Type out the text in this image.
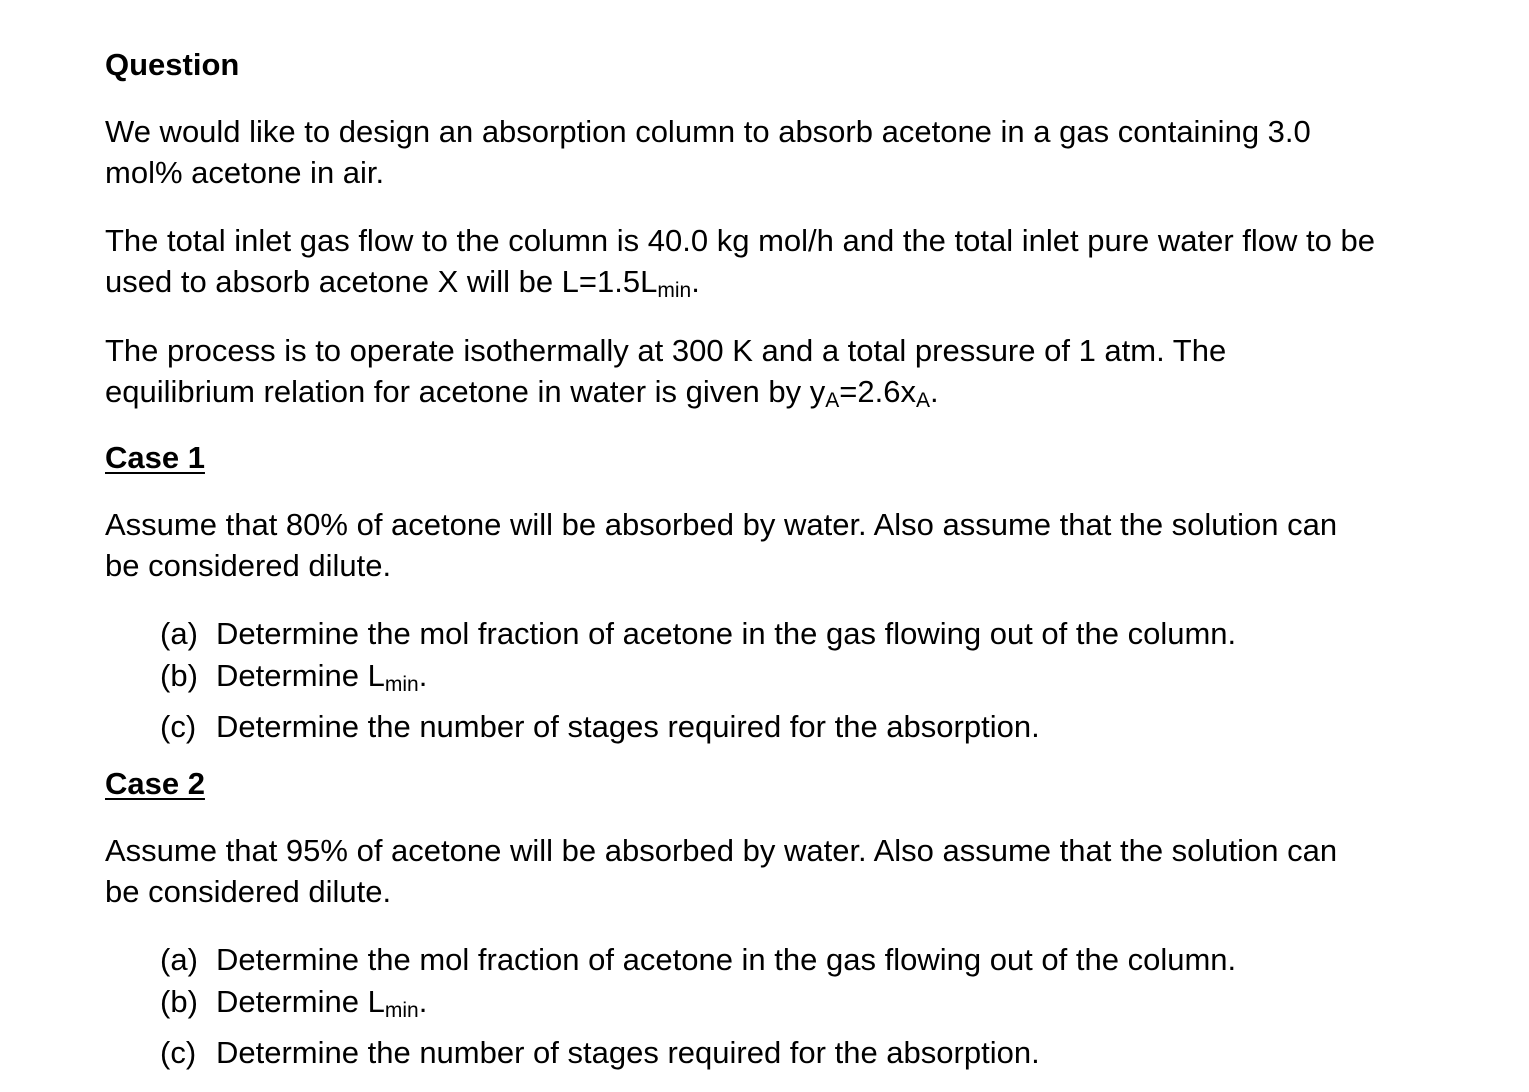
Question
We would like to design an absorption column to absorb acetone in a gas containing 3.0
mol% acetone in air.
The total inlet gas flow to the column is 40.0 kg mol/h and the total inlet pure water flow to be
used to absorb acetone X will be L=1.5Lmin.
The process is to operate isothermally at 300 K and a total pressure of 1 atm. The
equilibrium relation for acetone in water is given by yA=2.6xA.
Case 1
Assume that 80% of acetone will be absorbed by water. Also assume that the solution can
be considered dilute.
(a) Determine the mol fraction of acetone in the gas flowing out of the column.
(b) Determine Lmin.
(c) Determine the number of stages required for the absorption.
Case 2
Assume that 95% of acetone will be absorbed by water. Also assume that the solution can
be considered dilute.
(a) Determine the mol fraction of acetone in the gas flowing out of the column.
(b) Determine Lmin.
(c) Determine the number of stages required for the absorption.
